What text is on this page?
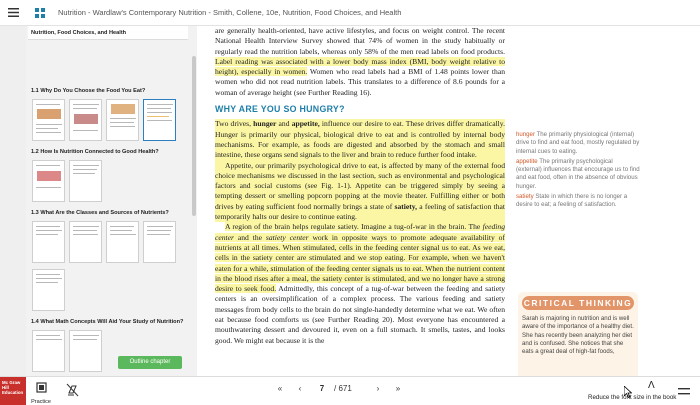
Nutrition - Wardlaw's Contemporary Nutrition - Smith, Collene, 10e, Nutrition, Food Choices, and Health
Nutrition, Food Choices, and Health
1.1 Why Do You Choose the Food You Eat?
1.2 How Is Nutrition Connected to Good Health?
1.3 What Are the Classes and Sources of Nutrients?
1.4 What Math Concepts Will Aid Your Study of Nutrition?
Outline chapter

are generally health-oriented, have active lifestyles, and focus on weight control. The recent National Health Interview Survey showed that 74% of women in the study habitually or regularly read the nutrition labels, whereas only 58% of the men read labels on food products. Label reading was associated with a lower body mass index (BMI, body weight relative to height), especially in women. Women who read labels had a BMI of 1.48 points lower than women who did not read nutrition labels. This translates to a difference of 8.6 pounds for a woman of average height (see Further Reading 16).

WHY ARE YOU SO HUNGRY?

Two drives, hunger and appetite, influence our desire to eat. These drives differ dramatically. Hunger is primarily our physical, biological drive to eat and is controlled by internal body mechanisms. For example, as foods are digested and absorbed by the stomach and small intestine, these organs send signals to the liver and brain to reduce further food intake.

Appetite, our primarily psychological drive to eat, is affected by many of the external food choice mechanisms we discussed in the last section, such as environmental and psychological factors and social customs (see Fig. 1-1). Appetite can be triggered simply by seeing a tempting dessert or smelling popcorn popping at the movie theater. Fulfilling either or both drives by eating sufficient food normally brings a state of satiety, a feeling of satisfaction that temporarily halts our desire to continue eating.

A region of the brain helps regulate satiety. Imagine a tug-of-war in the brain. The feeding center and the satiety center work in opposite ways to promote adequate availability of nutrients at all times. When stimulated, cells in the feeding center signal us to eat. As we eat, cells in the satiety center are stimulated and we stop eating. For example, when we haven't eaten for a while, stimulation of the feeding center signals us to eat. When the nutrient content in the blood rises after a meal, the satiety center is stimulated, and we no longer have a strong desire to seek food. Admittedly, this concept of a tug-of-war between the feeding and satiety centers is an oversimplification of a complex process. The various feeding and satiety messages from body cells to the brain do not single-handedly determine what we eat. We often eat because food comforts us (see Further Reading 20). Most everyone has encountered a mouthwatering dessert and devoured it, even on a full stomach. It smells, tastes, and looks good. We might eat because it is the

hunger The primarily physiological (internal) drive to find and eat food, mostly regulated by internal cues to eating.

appetite The primarily psychological (external) influences that encourage us to find and eat food, often in the absence of obvious hunger.

satiety State in which there is no longer a desire to eat; a feeling of satisfaction.

CRITICAL THINKING
Sarah is majoring in nutrition and is well aware of the importance of a healthy diet. She has recently been analyzing her diet and is confused. She notices that she eats a great deal of high-fat foods,
Mc Graw Hill Education
Practice
«	‹	7	/ 671	›	»	Λ
Reduce the font size in the book
